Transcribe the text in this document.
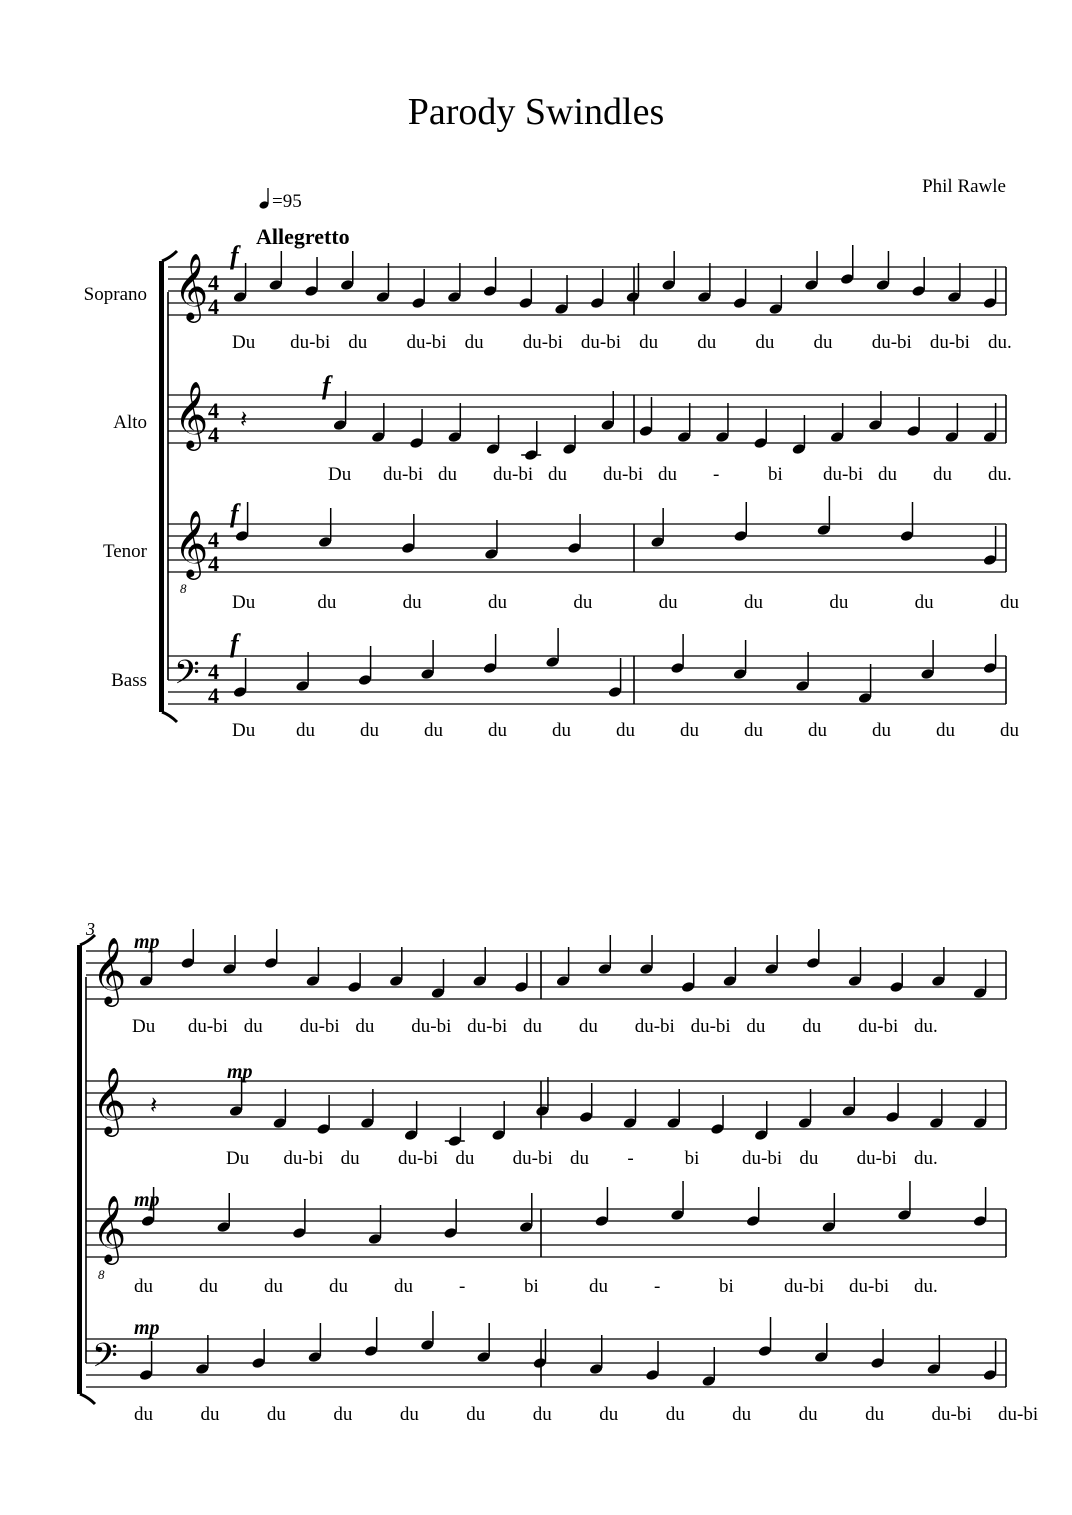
Parody Swindles
Phil Rawle
=95
Allegretto
Soprano 𝄞 4
4
f
Du du-bi du du-bi du du-bi du-bi du du du du du-bi du-bi du.
Alto 𝄞 4
4
𝄽
f
Du du-bi du du-bi du du-bi du -	bi du-bi du du du.
Tenor 𝄞
8
4
4
f
Du	du	du	du	du	du	du	du	du	du
Bass 𝄢 4
4
f
Du du du du du du du du du du du du du
3
𝄞 mp
Du du-bi du du-bi du du-bi du-bi du du du-bi du-bi du du du-bi du.
𝄞 𝄽
mp
Du du-bi du du-bi du du-bi du -	bi du-bi du du-bi du.
𝄞
8
mp
du du du du du -	bi	du -	bi	du-bi du-bi du.
𝄢
mp
du du du du du du du du du du du du du-bi du-bi
